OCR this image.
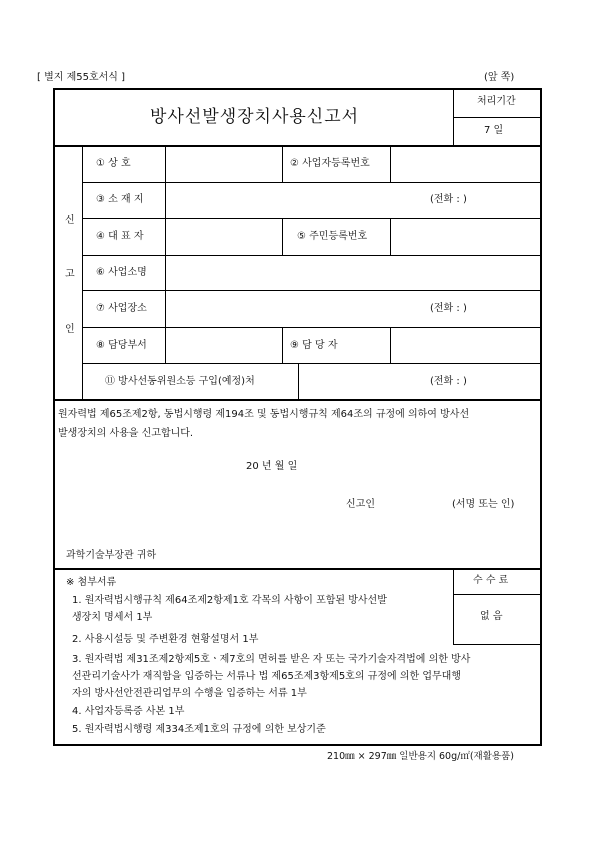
[ 별지 제55호서식 ]	(앞 쪽)
방사선발생장치사용신고서
처리기간
7 일
신
고
인
① 상 호	② 사업자등록번호
③ 소 재 지	(전화 : )
④ 대 표 자	⑤ 주민등록번호
⑥ 사업소명
⑦ 사업장소	(전화 : )
⑧ 담당부서	⑨ 담 당 자
⑪ 방사선동위원소등 구입(예정)처	(전화 : )
원자력법 제65조제2항, 동법시행령 제194조 및 동법시행규칙 제64조의 규정에 의하여 방사선
발생장치의 사용을 신고합니다.
20 년 월 일
신고인	(서명 또는 인)
과학기술부장관 귀하
수 수 료
없 음
※ 첨부서류
1. 원자력법시행규칙 제64조제2항제1호 각목의 사항이 포함된 방사선발
생장치 명세서 1부
2. 사용시설등 및 주변환경 현황설명서 1부
3. 원자력법 제31조제2항제5호ㆍ제7호의 면허를 받은 자 또는 국가기술자격법에 의한 방사
선관리기술사가 재직함을 입증하는 서류나 법 제65조제3항제5호의 규정에 의한 업무대행
자의 방사선안전관리업무의 수행을 입증하는 서류 1부
4. 사업자등록증 사본 1부
5. 원자력법시행령 제334조제1호의 규정에 의한 보상기준
210㎜ × 297㎜ 일반용지 60g/㎡(재활용품)
